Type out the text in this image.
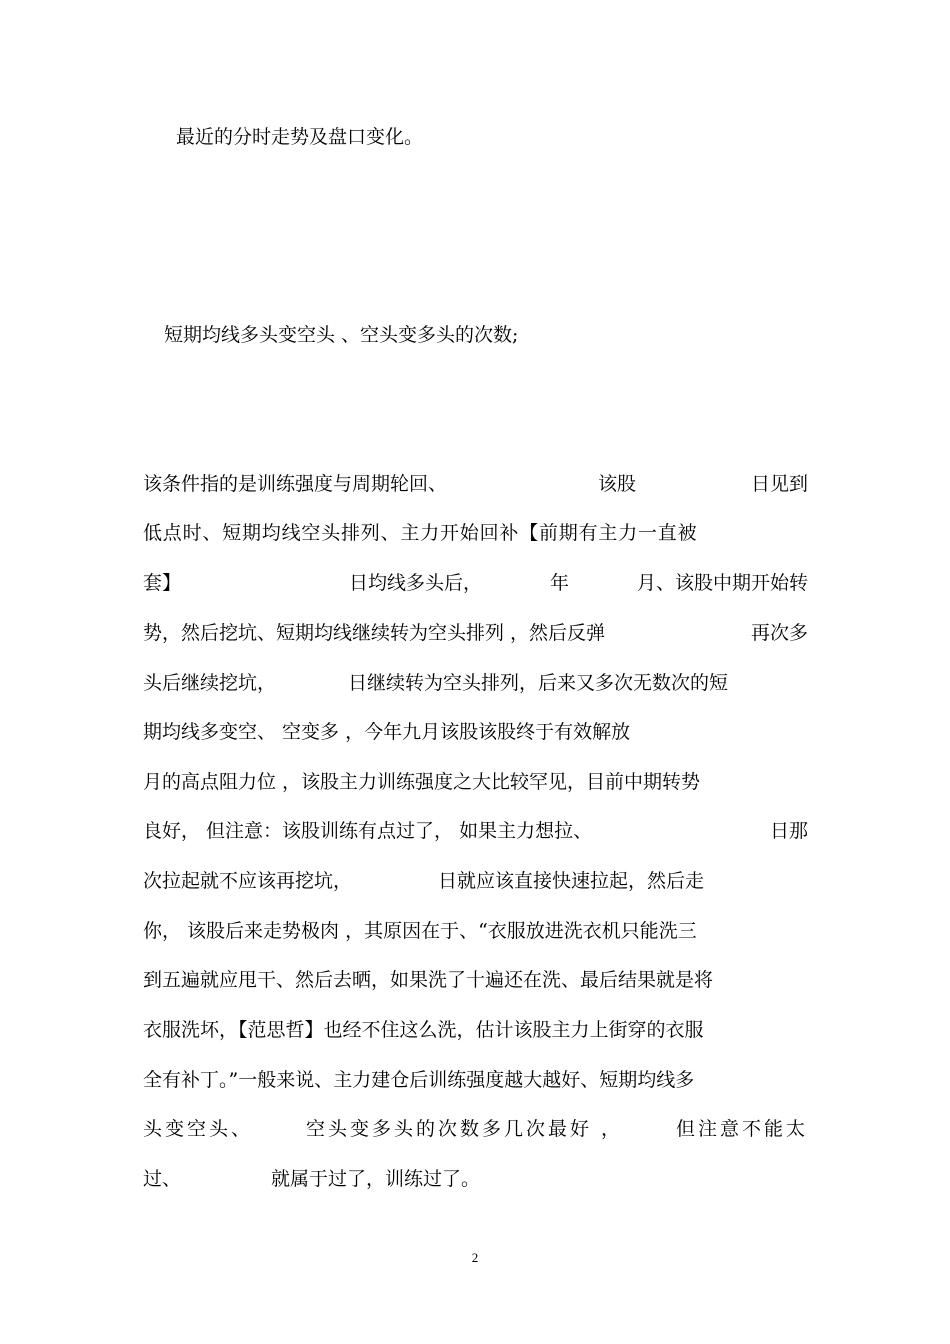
最近的分时走势及盘口变化。

短期均线多头变空头 、空头变多头的次数;

该条件指的是训练强度与周期轮回、	该股	日见到

低点时、短期均线空头排列、主力开始回补【前期有主力一直被

套】	日均线多头后，	年	月、该股中期开始转
势，然后挖坑、短期均线继续转为空头排列 ，然后反弹	再次多
头后继续挖坑，	日继续转为空头排列，后来又多次无数次的短

期均线多变空、 空变多 ，今年九月该股该股终于有效解放

月的高点阻力位 ，该股主力训练强度之大比较罕见，目前中期转势

良好， 但注意：该股训练有点过了， 如果主力想拉、	日那
次拉起就不应该再挖坑，	日就应该直接快速拉起，然后走

你， 该股后来走势极肉 ，其原因在于、“衣服放进洗衣机只能洗三

到五遍就应甩干、然后去晒，如果洗了十遍还在洗、最后结果就是将

衣服洗坏，【范思哲】也经不住这么洗，估计该股主力上街穿的衣服

全有补丁。”一般来说、主力建仓后训练强度越大越好、短期均线多

头变空头、	空头变多头的次数多几次最好 ，	但注意不能太
过、	就属于过了，训练过了。
2
